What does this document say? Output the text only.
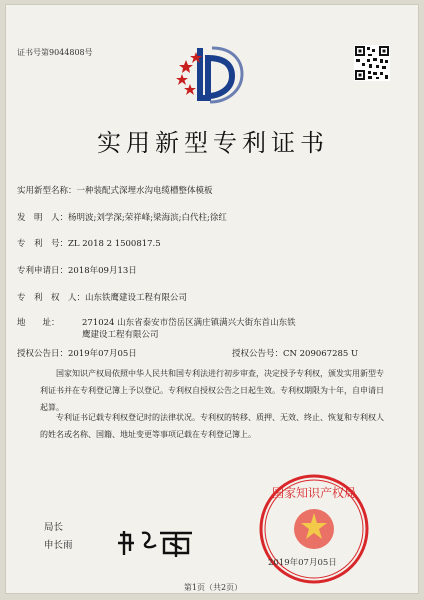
证书号第9044808号
实用新型专利证书
实用新型名称：一种装配式深埋水沟电缆槽整体模板
发　明　人：杨明波;刘学深;荣祥峰;梁海滨;白代柱;徐红
专　利　号：ZL 2018 2 1500817.5
专利申请日：2018年09月13日
专　利　权　人：山东铁鹰建设工程有限公司
地　　址：	271024 山东省泰安市岱岳区满庄镇满兴大街东首山东铁
鹰建设工程有限公司
授权公告日：2019年07月05日	授权公告号：CN 209067285 U
国家知识产权局依照中华人民共和国专利法进行初步审查，决定授予专利权，颁发实用新型专利证书并在专利登记簿上予以登记。专利权自授权公告之日起生效。专利权期限为十年，自申请日起算。
专利证书记载专利权登记时的法律状况。专利权的转移、质押、无效、终止、恢复和专利权人的姓名或名称、国籍、地址变更等事项记载在专利登记簿上。
国家知识产权局
局长
申长雨
2019年07月05日
第1页（共2页）
